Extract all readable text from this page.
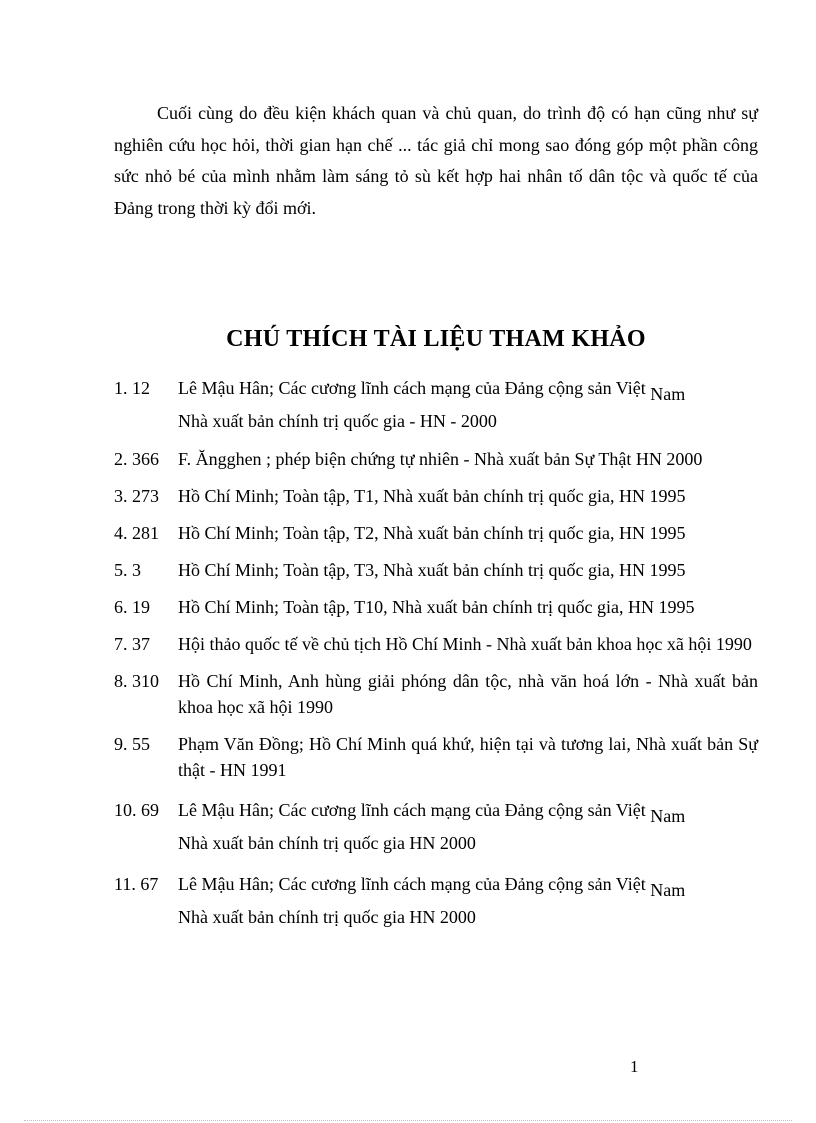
Cuối cùng do đều kiện khách quan và chủ quan, do trình độ có hạn cũng như sự nghiên cứu học hỏi, thời gian hạn chế ... tác giả chỉ mong sao đóng góp một phần công sức nhỏ bé của mình nhằm làm sáng tỏ sù kết hợp hai nhân tố dân tộc và quốc tế của Đảng trong thời kỳ đổi mới.

CHÚ THÍCH TÀI LIỆU THAM KHẢO
1. 12	Lê Mậu Hân; Các cương lĩnh cách mạng của Đảng cộng sản Việt Nam
Nhà xuất bản chính trị quốc gia - HN - 2000
2. 366	F. Ăngghen ; phép biện chứng tự nhiên - Nhà xuất bản Sự Thật HN 2000
3. 273	Hồ Chí Minh; Toàn tập, T1, Nhà xuất bản chính trị quốc gia, HN 1995
4. 281	Hồ Chí Minh; Toàn tập, T2, Nhà xuất bản chính trị quốc gia, HN 1995
5. 3	Hồ Chí Minh; Toàn tập, T3, Nhà xuất bản chính trị quốc gia, HN 1995
6. 19	Hồ Chí Minh; Toàn tập, T10, Nhà xuất bản chính trị quốc gia, HN 1995
7. 37	Hội thảo quốc tế về chủ tịch Hồ Chí Minh - Nhà xuất bản khoa học xã hội 1990
8. 310	Hồ Chí Minh, Anh hùng giải phóng dân tộc, nhà văn hoá lớn - Nhà xuất bản khoa học xã hội 1990
9. 55	Phạm Văn Đồng; Hồ Chí Minh quá khứ, hiện tại và tương lai, Nhà xuất bản Sự thật - HN 1991
10. 69	Lê Mậu Hân; Các cương lĩnh cách mạng của Đảng cộng sản Việt Nam
Nhà xuất bản chính trị quốc gia HN 2000
11. 67	Lê Mậu Hân; Các cương lĩnh cách mạng của Đảng cộng sản Việt Nam
Nhà xuất bản chính trị quốc gia HN 2000

1
